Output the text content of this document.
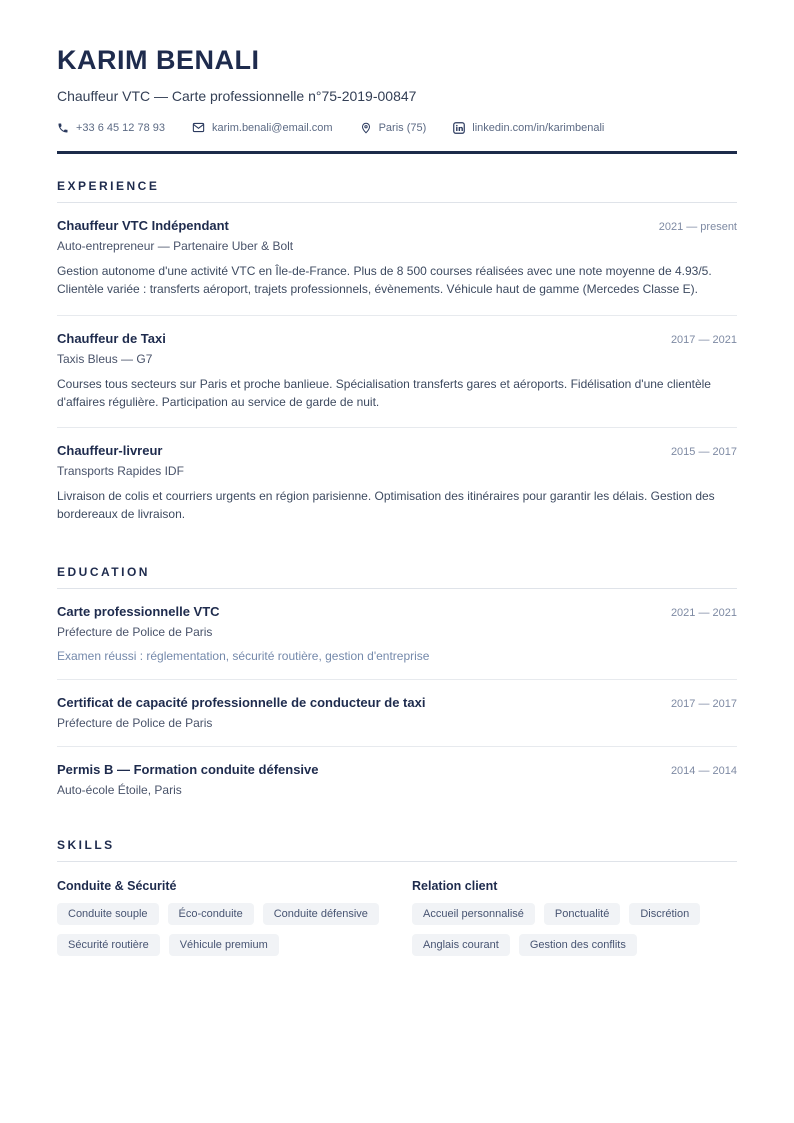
KARIM BENALI
Chauffeur VTC — Carte professionnelle n°75-2019-00847
+33 6 45 12 78 93	karim.benali@email.com	Paris (75)	linkedin.com/in/karimbenali
EXPERIENCE
Chauffeur VTC Indépendant	2021 — present
Auto-entrepreneur — Partenaire Uber & Bolt
Gestion autonome d'une activité VTC en Île-de-France. Plus de 8 500 courses réalisées avec une note moyenne de 4.93/5. Clientèle variée : transferts aéroport, trajets professionnels, évènements. Véhicule haut de gamme (Mercedes Classe E).
Chauffeur de Taxi	2017 — 2021
Taxis Bleus — G7
Courses tous secteurs sur Paris et proche banlieue. Spécialisation transferts gares et aéroports. Fidélisation d'une clientèle d'affaires régulière. Participation au service de garde de nuit.
Chauffeur-livreur	2015 — 2017
Transports Rapides IDF
Livraison de colis et courriers urgents en région parisienne. Optimisation des itinéraires pour garantir les délais. Gestion des bordereaux de livraison.
EDUCATION
Carte professionnelle VTC	2021 — 2021
Préfecture de Police de Paris
Examen réussi : réglementation, sécurité routière, gestion d'entreprise
Certificat de capacité professionnelle de conducteur de taxi	2017 — 2017
Préfecture de Police de Paris
Permis B — Formation conduite défensive	2014 — 2014
Auto-école Étoile, Paris
SKILLS
Conduite & Sécurité
Conduite souple	Éco-conduite	Conduite défensive
Sécurité routière	Véhicule premium
Relation client
Accueil personnalisé	Ponctualité	Discrétion
Anglais courant	Gestion des conflits
